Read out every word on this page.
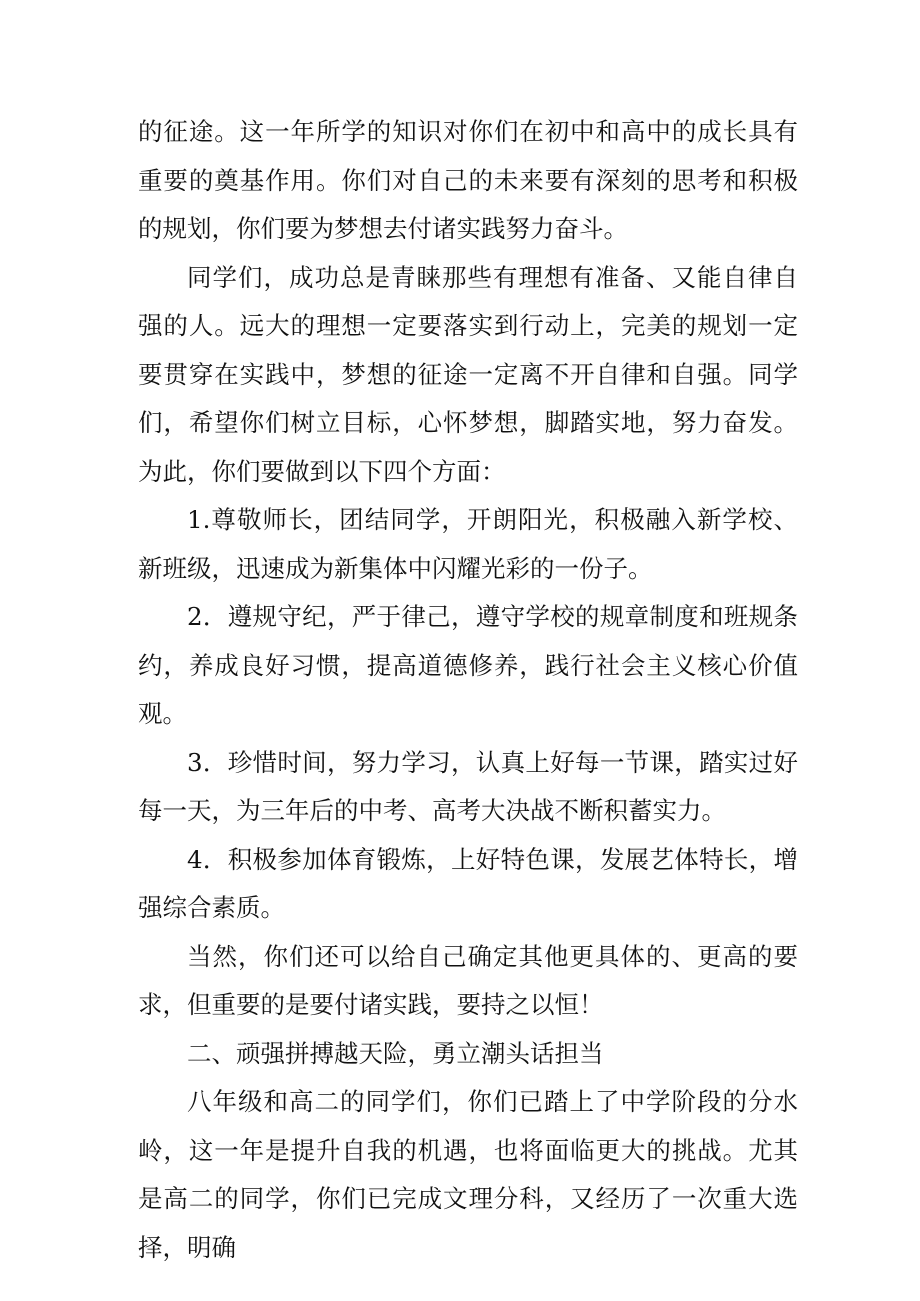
的征途。这一年所学的知识对你们在初中和高中的成长具有重要的奠基作用。你们对自己的未来要有深刻的思考和积极的规划，你们要为梦想去付诸实践努力奋斗。

同学们，成功总是青睐那些有理想有准备、又能自律自强的人。远大的理想一定要落实到行动上，完美的规划一定要贯穿在实践中，梦想的征途一定离不开自律和自强。同学们，希望你们树立目标，心怀梦想，脚踏实地，努力奋发。为此，你们要做到以下四个方面：

1.尊敬师长，团结同学，开朗阳光，积极融入新学校、新班级，迅速成为新集体中闪耀光彩的一份子。

2．遵规守纪，严于律己，遵守学校的规章制度和班规条约，养成良好习惯，提高道德修养，践行社会主义核心价值观。

3．珍惜时间，努力学习，认真上好每一节课，踏实过好每一天，为三年后的中考、高考大决战不断积蓄实力。

4．积极参加体育锻炼，上好特色课，发展艺体特长，增强综合素质。

当然，你们还可以给自己确定其他更具体的、更高的要求，但重要的是要付诸实践，要持之以恒！

二、顽强拼搏越天险，勇立潮头话担当

八年级和高二的同学们，你们已踏上了中学阶段的分水岭，这一年是提升自我的机遇，也将面临更大的挑战。尤其是高二的同学，你们已完成文理分科，又经历了一次重大选择，明确
